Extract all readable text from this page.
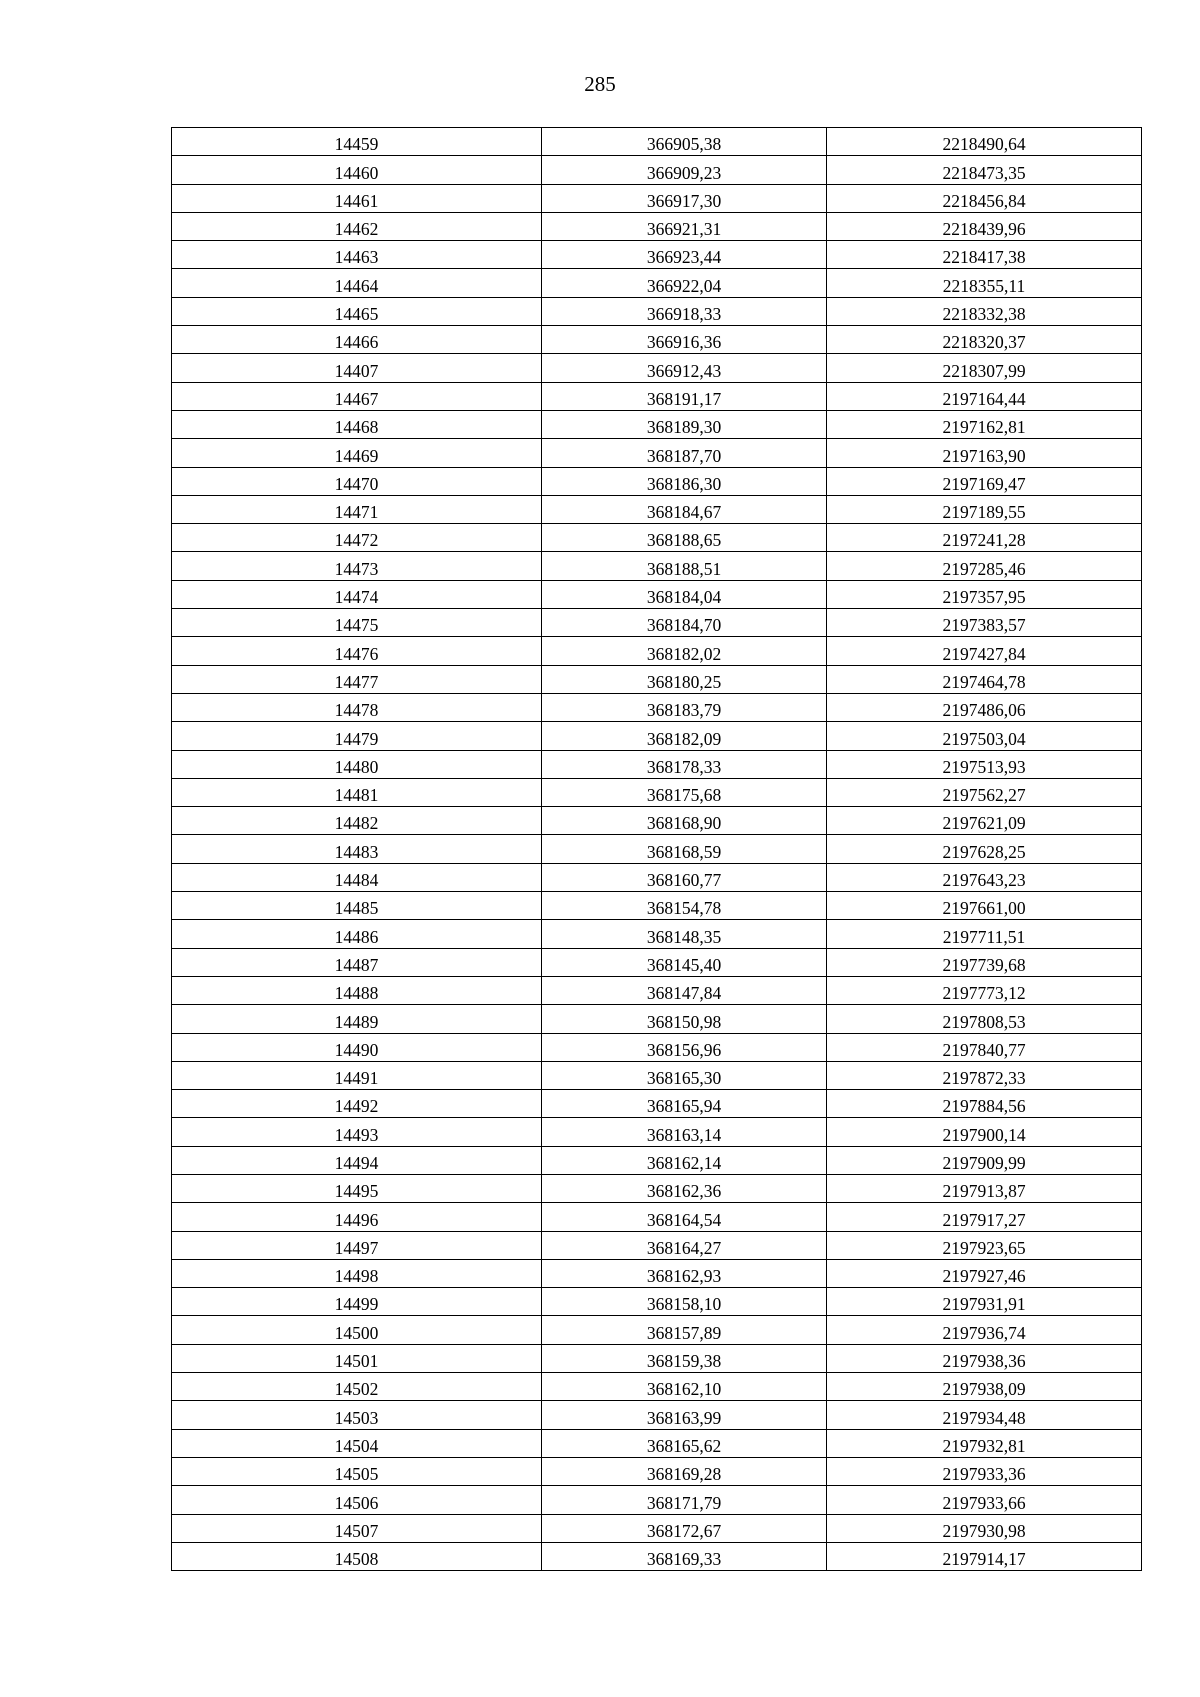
285
14459	366905,38	2218490,64
14460	366909,23	2218473,35
14461	366917,30	2218456,84
14462	366921,31	2218439,96
14463	366923,44	2218417,38
14464	366922,04	2218355,11
14465	366918,33	2218332,38
14466	366916,36	2218320,37
14407	366912,43	2218307,99
14467	368191,17	2197164,44
14468	368189,30	2197162,81
14469	368187,70	2197163,90
14470	368186,30	2197169,47
14471	368184,67	2197189,55
14472	368188,65	2197241,28
14473	368188,51	2197285,46
14474	368184,04	2197357,95
14475	368184,70	2197383,57
14476	368182,02	2197427,84
14477	368180,25	2197464,78
14478	368183,79	2197486,06
14479	368182,09	2197503,04
14480	368178,33	2197513,93
14481	368175,68	2197562,27
14482	368168,90	2197621,09
14483	368168,59	2197628,25
14484	368160,77	2197643,23
14485	368154,78	2197661,00
14486	368148,35	2197711,51
14487	368145,40	2197739,68
14488	368147,84	2197773,12
14489	368150,98	2197808,53
14490	368156,96	2197840,77
14491	368165,30	2197872,33
14492	368165,94	2197884,56
14493	368163,14	2197900,14
14494	368162,14	2197909,99
14495	368162,36	2197913,87
14496	368164,54	2197917,27
14497	368164,27	2197923,65
14498	368162,93	2197927,46
14499	368158,10	2197931,91
14500	368157,89	2197936,74
14501	368159,38	2197938,36
14502	368162,10	2197938,09
14503	368163,99	2197934,48
14504	368165,62	2197932,81
14505	368169,28	2197933,36
14506	368171,79	2197933,66
14507	368172,67	2197930,98
14508	368169,33	2197914,17
